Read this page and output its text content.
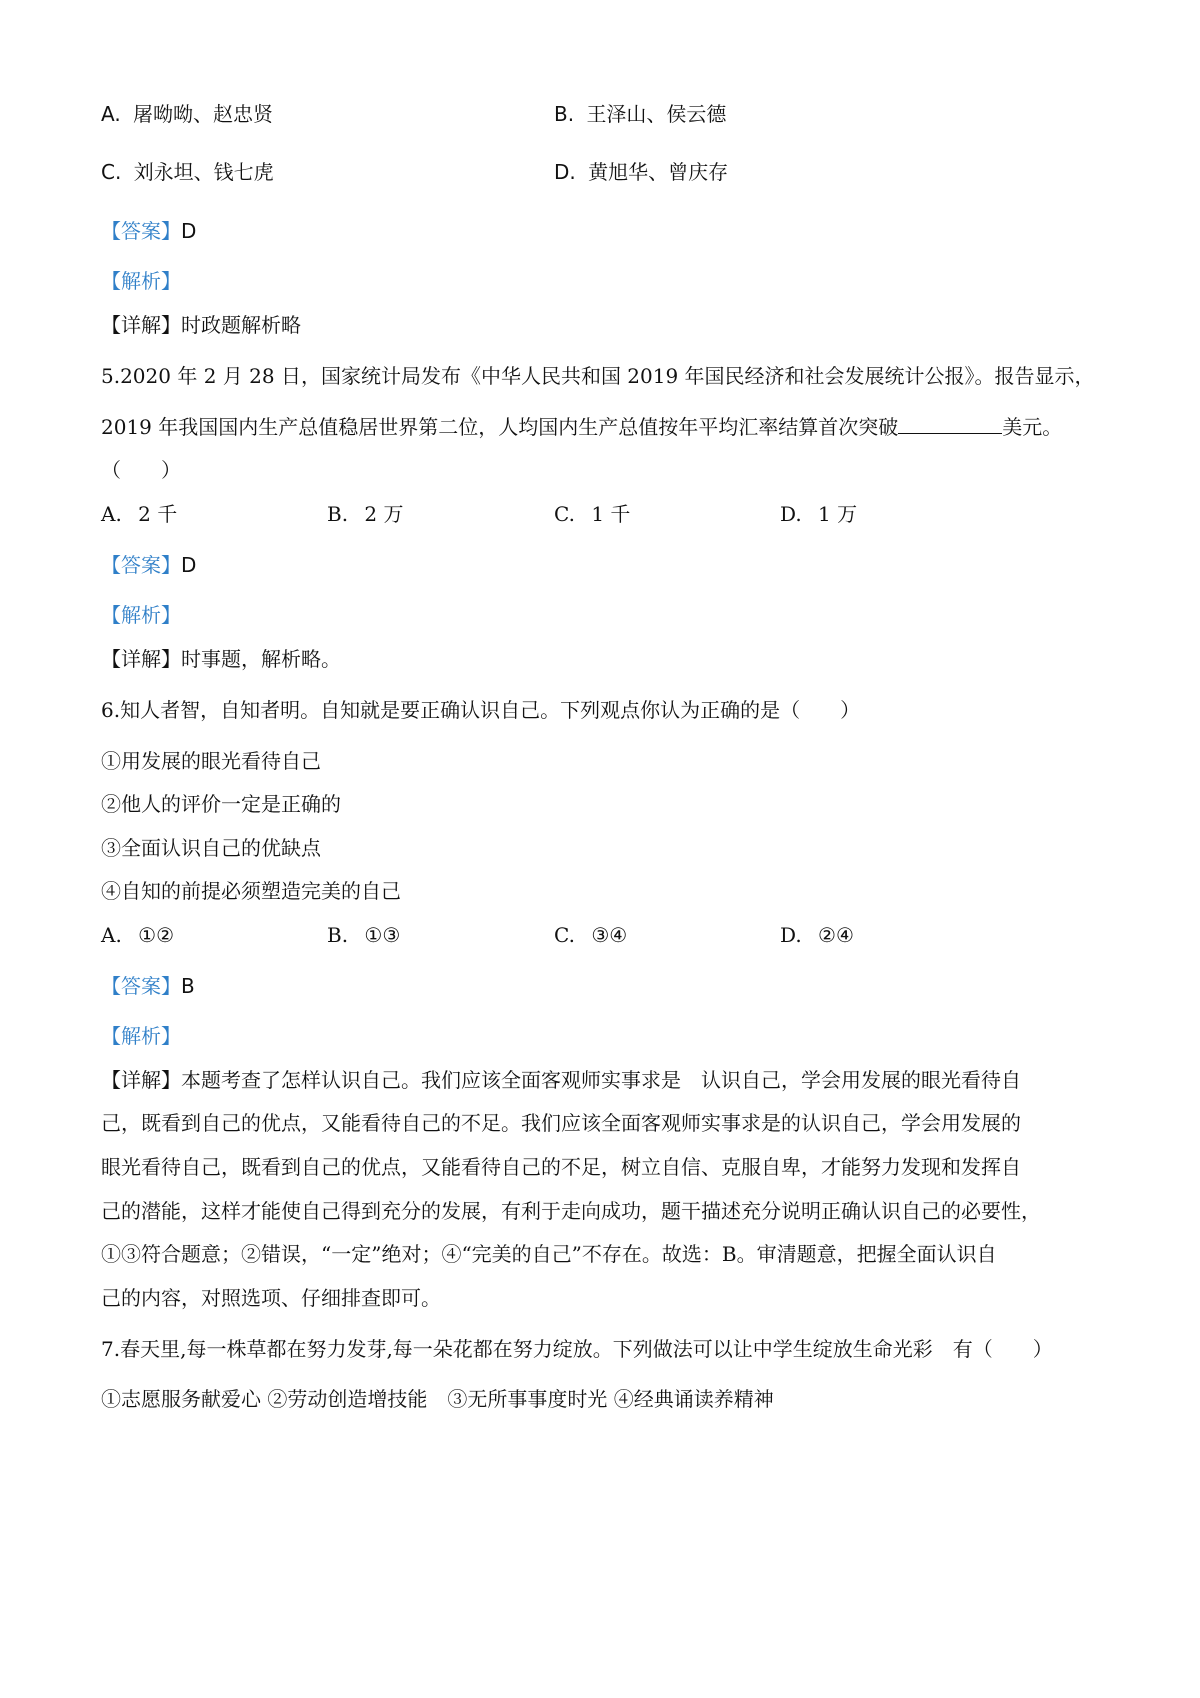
A. 屠呦呦、赵忠贤	B. 王泽山、侯云德
C. 刘永坦、钱七虎	D. 黄旭华、曾庆存
【答案】D
【解析】
【详解】时政题解析略
5.2020 年 2 月 28 日，国家统计局发布《中华人民共和国 2019 年国民经济和社会发展统计公报》。报告显示，
2019 年我国国内生产总值稳居世界第二位，人均国内生产总值按年平均汇率结算首次突破	美元。
（　　）
A. 2 千	B. 2 万	C. 1 千	D. 1 万
【答案】D
【解析】
【详解】时事题，解析略。
6.知人者智，自知者明。自知就是要正确认识自己。下列观点你认为正确的是（　　）
①用发展的眼光看待自己
②他人的评价一定是正确的
③全面认识自己的优缺点
④自知的前提必须塑造完美的自己
A. ①②	B. ①③	C. ③④	D. ②④
【答案】B
【解析】
【详解】本题考查了怎样认识自己。我们应该全面客观师实事求是　认识自己，学会用发展的眼光看待自
己，既看到自己的优点，又能看待自己的不足。我们应该全面客观师实事求是的认识自己，学会用发展的
眼光看待自己，既看到自己的优点，又能看待自己的不足，树立自信、克服自卑，才能努力发现和发挥自
己的潜能，这样才能使自己得到充分的发展，有利于走向成功，题干描述充分说明正确认识自己的必要性，
①③符合题意；②错误，“一定”绝对；④“完美的自己”不存在。故选：B。审清题意，把握全面认识自
己的内容，对照选项、仔细排查即可。
7.春天里,每一株草都在努力发芽,每一朵花都在努力绽放。下列做法可以让中学生绽放生命光彩　有（　　）
①志愿服务献爱心 ②劳动创造增技能　③无所事事度时光 ④经典诵读养精神
